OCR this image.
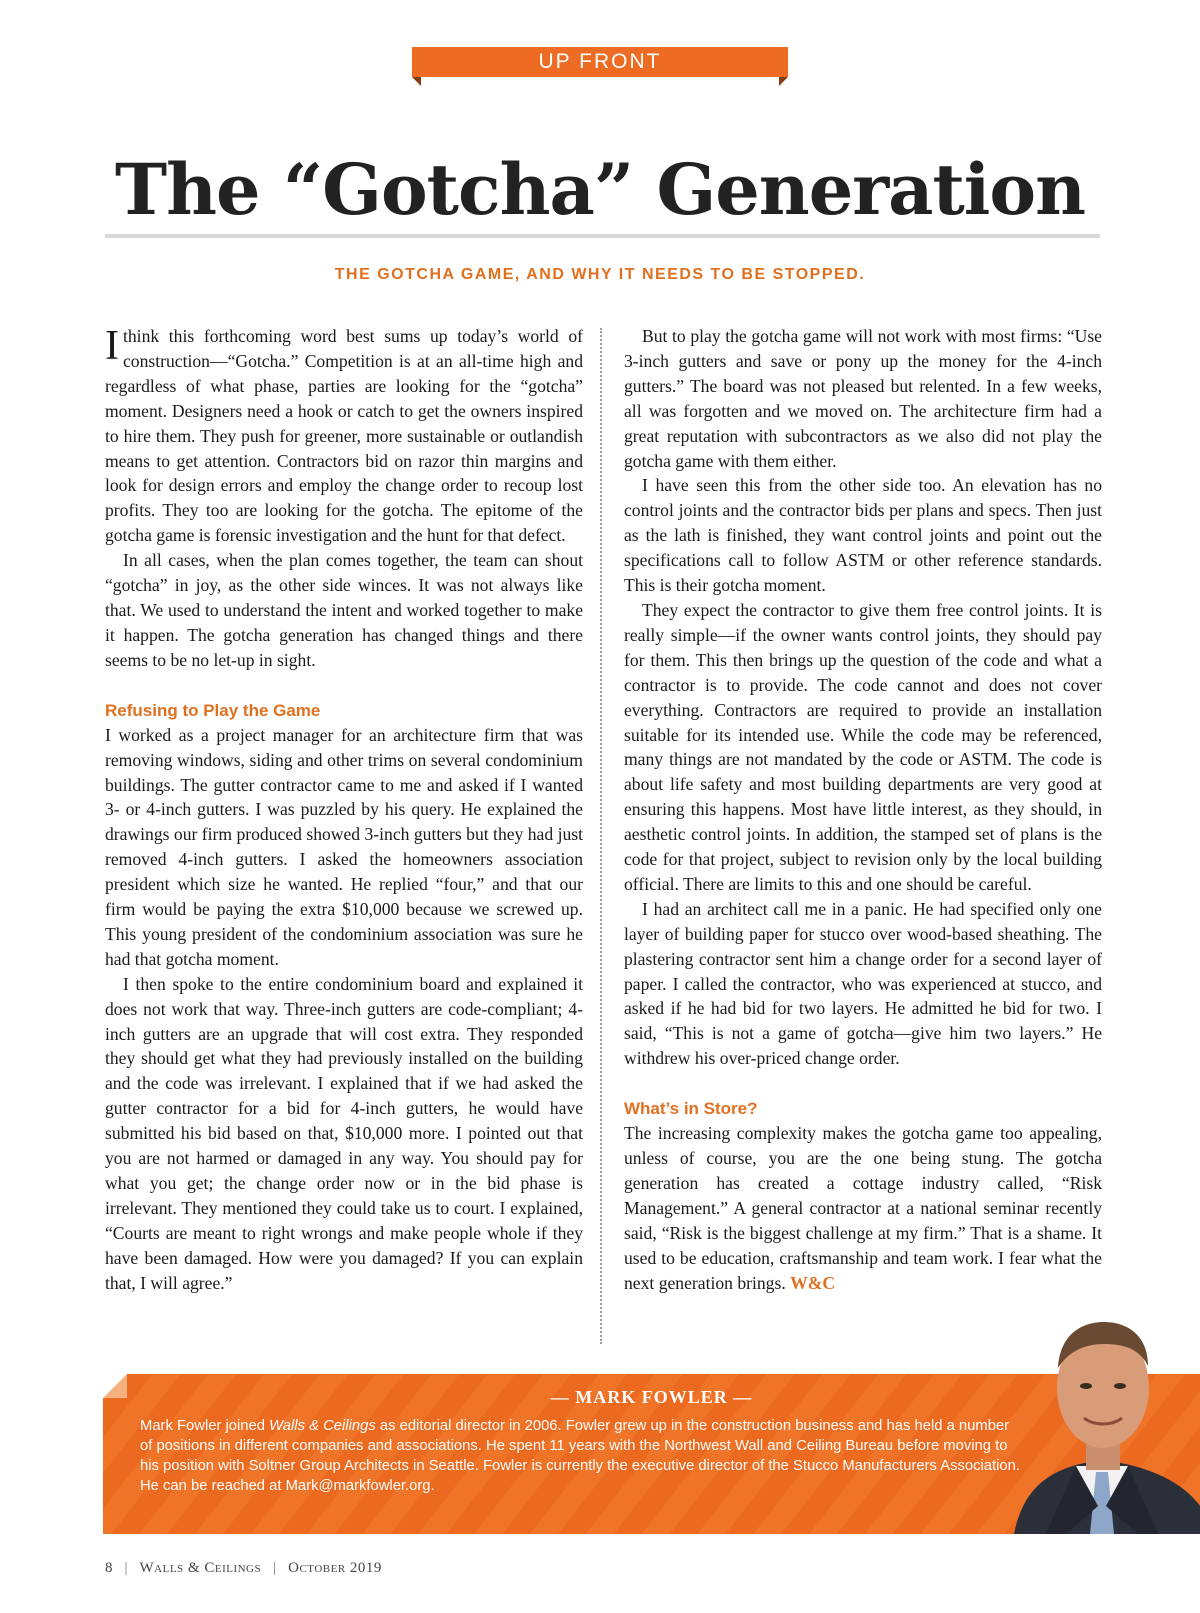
UP FRONT
The “Gotcha” Generation
THE GOTCHA GAME, AND WHY IT NEEDS TO BE STOPPED.

Ithink this forthcoming word best sums up today’s world of construction—“Gotcha.” Competition is at an all-time high and regardless of what phase, parties are looking for the “gotcha” moment. Designers need a hook or catch to get the owners inspired to hire them. They push for greener, more sustainable or outlandish means to get attention. Contractors bid on razor thin margins and look for design errors and employ the change order to recoup lost profits. They too are looking for the gotcha. The epitome of the gotcha game is forensic investigation and the hunt for that defect.

In all cases, when the plan comes together, the team can shout “gotcha” in joy, as the other side winces. It was not always like that. We used to understand the intent and worked together to make it happen. The gotcha generation has changed things and there seems to be no let-up in sight.

Refusing to Play the Game

I worked as a project manager for an architecture firm that was removing windows, siding and other trims on several condominium buildings. The gutter contractor came to me and asked if I wanted 3- or 4-inch gutters. I was puzzled by his query. He explained the drawings our firm produced showed 3-inch gutters but they had just removed 4-inch gutters. I asked the homeowners association president which size he wanted. He replied “four,” and that our firm would be paying the extra $10,000 because we screwed up. This young president of the condominium association was sure he had that gotcha moment.

I then spoke to the entire condominium board and explained it does not work that way. Three-inch gutters are code-compliant; 4-inch gutters are an upgrade that will cost extra. They responded they should get what they had previously installed on the building and the code was irrelevant. I explained that if we had asked the gutter contractor for a bid for 4-inch gutters, he would have submitted his bid based on that, $10,000 more. I pointed out that you are not harmed or damaged in any way. You should pay for what you get; the change order now or in the bid phase is irrelevant. They mentioned they could take us to court. I explained, “Courts are meant to right wrongs and make people whole if they have been damaged. How were you damaged? If you can explain that, I will agree.”

But to play the gotcha game will not work with most firms: “Use 3-inch gutters and save or pony up the money for the 4-inch gutters.” The board was not pleased but relented. In a few weeks, all was forgotten and we moved on. The architecture firm had a great reputation with subcontractors as we also did not play the gotcha game with them either.

I have seen this from the other side too. An elevation has no control joints and the contractor bids per plans and specs. Then just as the lath is finished, they want control joints and point out the specifications call to follow ASTM or other reference standards. This is their gotcha moment.

They expect the contractor to give them free control joints. It is really simple—if the owner wants control joints, they should pay for them. This then brings up the question of the code and what a contractor is to provide. The code cannot and does not cover everything. Contractors are required to provide an installation suitable for its intended use. While the code may be referenced, many things are not mandated by the code or ASTM. The code is about life safety and most building departments are very good at ensuring this happens. Most have little interest, as they should, in aesthetic control joints. In addition, the stamped set of plans is the code for that project, subject to revision only by the local building official. There are limits to this and one should be careful.

I had an architect call me in a panic. He had specified only one layer of building paper for stucco over wood-based sheathing. The plastering contractor sent him a change order for a second layer of paper. I called the contractor, who was experienced at stucco, and asked if he had bid for two layers. He admitted he bid for two. I said, “This is not a game of gotcha—give him two layers.” He withdrew his over-priced change order.

What’s in Store?

The increasing complexity makes the gotcha game too appealing, unless of course, you are the one being stung. The gotcha generation has created a cottage industry called, “Risk Management.” A general contractor at a national seminar recently said, “Risk is the biggest challenge at my firm.” That is a shame. It used to be education, craftsmanship and team work. I fear what the next generation brings. W&C

— MARK FOWLER —
Mark Fowler joined Walls & Ceilings as editorial director in 2006. Fowler grew up in the construction business and has held a number of positions in different companies and associations. He spent 11 years with the Northwest Wall and Ceiling Bureau before moving to his position with Soltner Group Architects in Seattle. Fowler is currently the executive director of the Stucco Manufacturers Association. He can be reached at Mark@markfowler.org.
8 | Walls & Ceilings | October 2019
